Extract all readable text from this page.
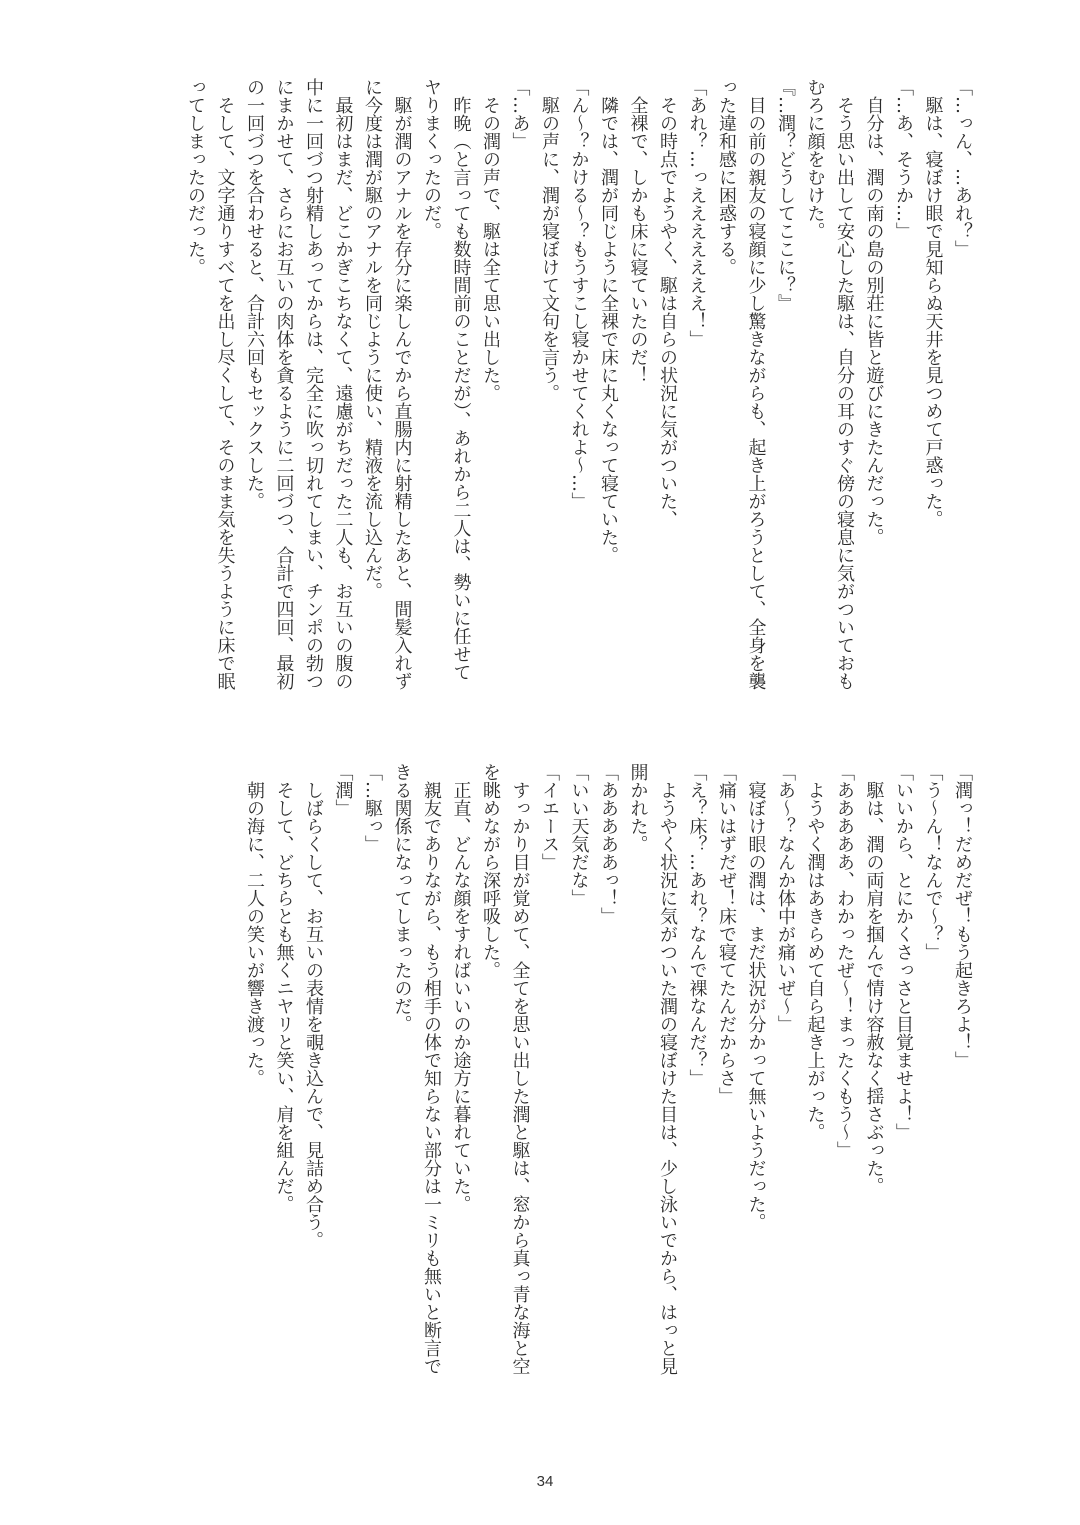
「…っん、…あれ？」
駆は、寝ぼけ眼で見知らぬ天井を見つめて戸惑った。
「…あ、そうか…」
自分は、潤の南の島の別荘に皆と遊びにきたんだった。
そう思い出して安心した駆は、自分の耳のすぐ傍の寝息に気がついておも
むろに顔をむけた。
『…潤？どうしてここに？』
目の前の親友の寝顔に少し驚きながらも、起き上がろうとして、全身を襲
った違和感に困惑する。
「あれ？…っえええええええ！」
その時点でようやく、駆は自らの状況に気がついた、
全裸で、しかも床に寝ていたのだ！
隣では、潤が同じように全裸で床に丸くなって寝ていた。
「ん～？かける～？もうすこし寝かせてくれよ～…」
駆の声に、潤が寝ぼけて文句を言う。
「…あ」
その潤の声で、駆は全て思い出した。
昨晩（と言っても数時間前のことだが）、あれから二人は、勢いに任せて
ヤりまくったのだ。
駆が潤のアナルを存分に楽しんでから直腸内に射精したあと、間髪入れず
に今度は潤が駆のアナルを同じように使い、精液を流し込んだ。
最初はまだ、どこかぎこちなくて、遠慮がちだった二人も、お互いの腹の
中に一回づつ射精しあってからは、完全に吹っ切れてしまい、チンポの勃つ
にまかせて、さらにお互いの肉体を貪るように二回づつ、合計で四回、最初
の一回づつを合わせると、合計六回もセックスした。
そして、文字通りすべてを出し尽くして、そのまま気を失うように床で眠
ってしまったのだった。
「潤っ！だめだぜ！もう起きろよ！」
「う～ん！なんで～？」
「いいから、とにかくさっさと目覚ませよ！」
駆は、潤の両肩を掴んで情け容赦なく揺さぶった。
「あああああ、わかったぜ～！まったくもう～」
ようやく潤はあきらめて自ら起き上がった。
「あ～？なんか体中が痛いぜ～」
寝ぼけ眼の潤は、まだ状況が分かって無いようだった。
「痛いはずだぜ！床で寝てたんだからさ」
「え？床？…あれ？なんで裸なんだ？」
ようやく状況に気がついた潤の寝ぼけた目は、少し泳いでから、はっと見
開かれた。
「あああああっ！」
「いい天気だな」
「イエース」
すっかり目が覚めて、全てを思い出した潤と駆は、窓から真っ青な海と空
を眺めながら深呼吸した。
正直、どんな顔をすればいいのか途方に暮れていた。
親友でありながら、もう相手の体で知らない部分は一ミリも無いと断言で
きる関係になってしまったのだ。
「…駆っ」
「潤」
しばらくして、お互いの表情を覗き込んで、見詰め合う。
そして、どちらとも無くニヤリと笑い、肩を組んだ。
朝の海に、二人の笑いが響き渡った。
34
